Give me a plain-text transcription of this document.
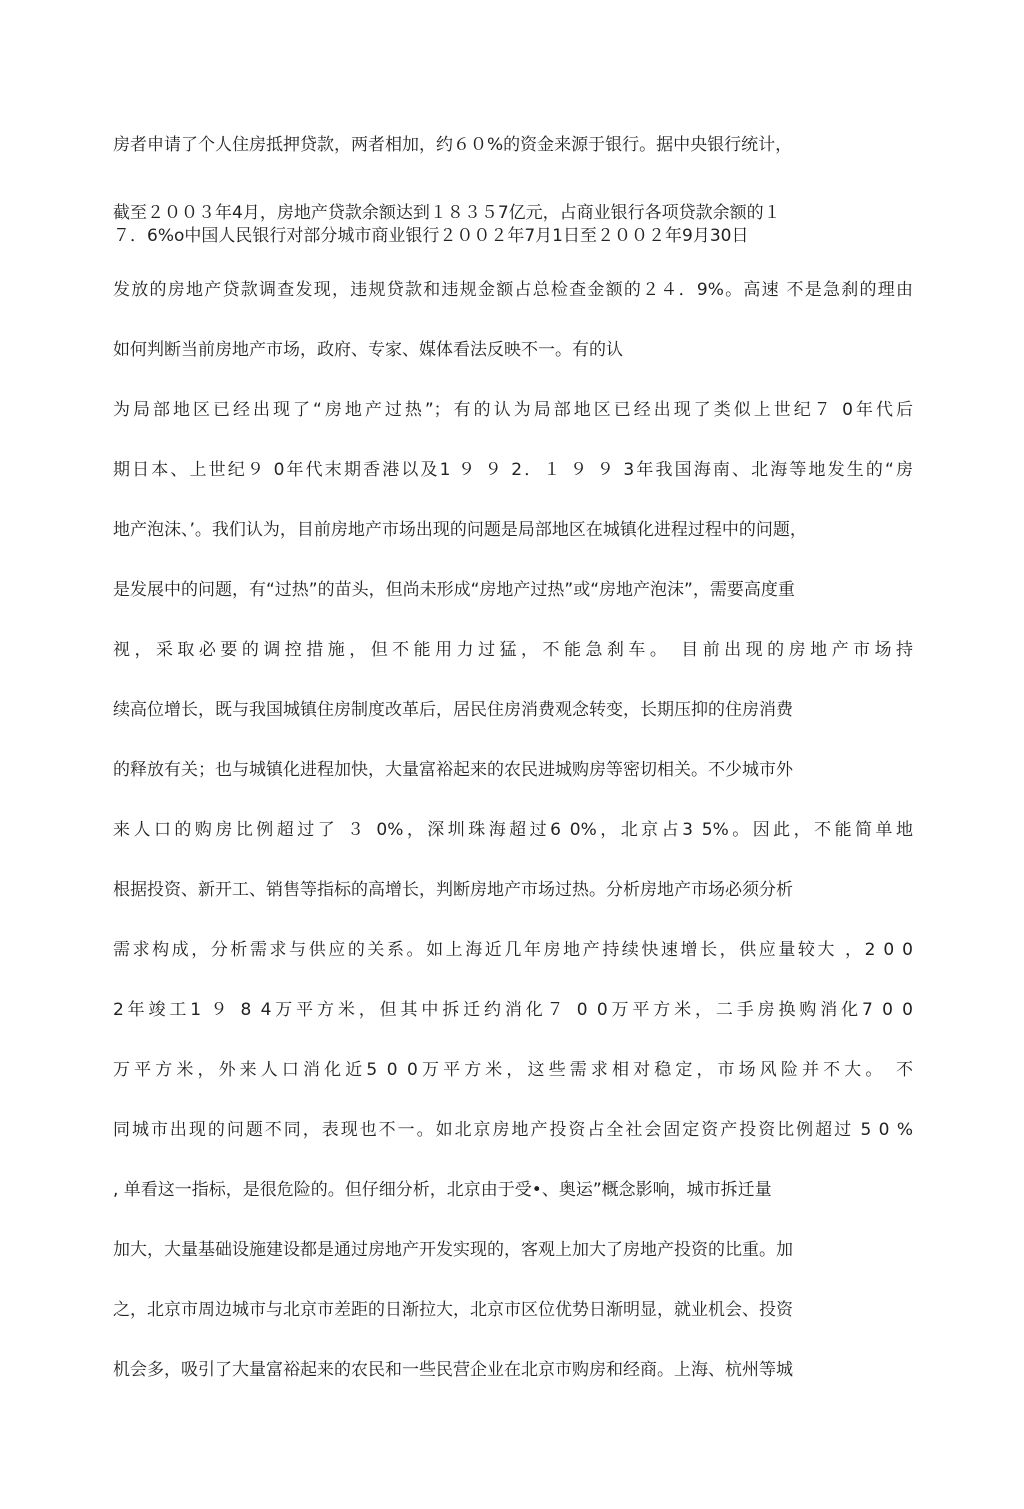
房者申请了个人住房抵押贷款，两者相加，约６０%的资金来源于银行。据中央银行统计，
截至２００３年4月，房地产贷款余额达到１８３５7亿元，占商业银行各项贷款余额的１
７．6%o中国人民银行对部分城市商业银行２００２年7月1日至２００２年9月30日
发放的房地产贷款调查发现，违规贷款和违规金额占总检查金额的２４．9%。高速 不是急刹的理由
如何判断当前房地产市场，政府、专家、媒体看法反映不一。有的认
为局部地区已经出现了“房地产过热”；有的认为局部地区已经出现了类似上世纪７ 0年代后
期日本、上世纪９ 0年代末期香港以及1 ９ ９ 2．１ ９ ９ 3年我国海南、北海等地发生的“房
地产泡沫、’。我们认为，目前房地产市场出现的问题是局部地区在城镇化进程过程中的问题，
是发展中的问题，有“过热”的苗头，但尚未形成“房地产过热”或“房地产泡沫”，需要高度重
视，采取必要的调控措施，但不能用力过猛，不能急刹车。 目前出现的房地产市场持
续高位增长，既与我国城镇住房制度改革后，居民住房消费观念转变，长期压抑的住房消费
的释放有关；也与城镇化进程加快，大量富裕起来的农民进城购房等密切相关。不少城市外
来人口的购房比例超过了 ３ 0%，深圳珠海超过6 0%，北京占3 5%。因此，不能简单地
根据投资、新开工、销售等指标的高增长，判断房地产市场过热。分析房地产市场必须分析
需求构成，分析需求与供应的关系。如上海近几年房地产持续快速增长，供应量较大 ，2 0 0
2年竣工1 ９ 8 4万平方米，但其中拆迁约消化７ 0 0万平方米，二手房换购消化7 0 0
万平方米，外来人口消化近5 0 0万平方米，这些需求相对稳定，市场风险并不大。 不
同城市出现的问题不同，表现也不一。如北京房地产投资占全社会固定资产投资比例超过 5 0 %
, 单看这一指标，是很危险的。但仔细分析，北京由于受•、奥运”概念影响，城市拆迁量
加大，大量基础设施建设都是通过房地产开发实现的，客观上加大了房地产投资的比重。加
之，北京市周边城市与北京市差距的日渐拉大，北京市区位优势日渐明显，就业机会、投资
机会多，吸引了大量富裕起来的农民和一些民营企业在北京市购房和经商。上海、杭州等城
